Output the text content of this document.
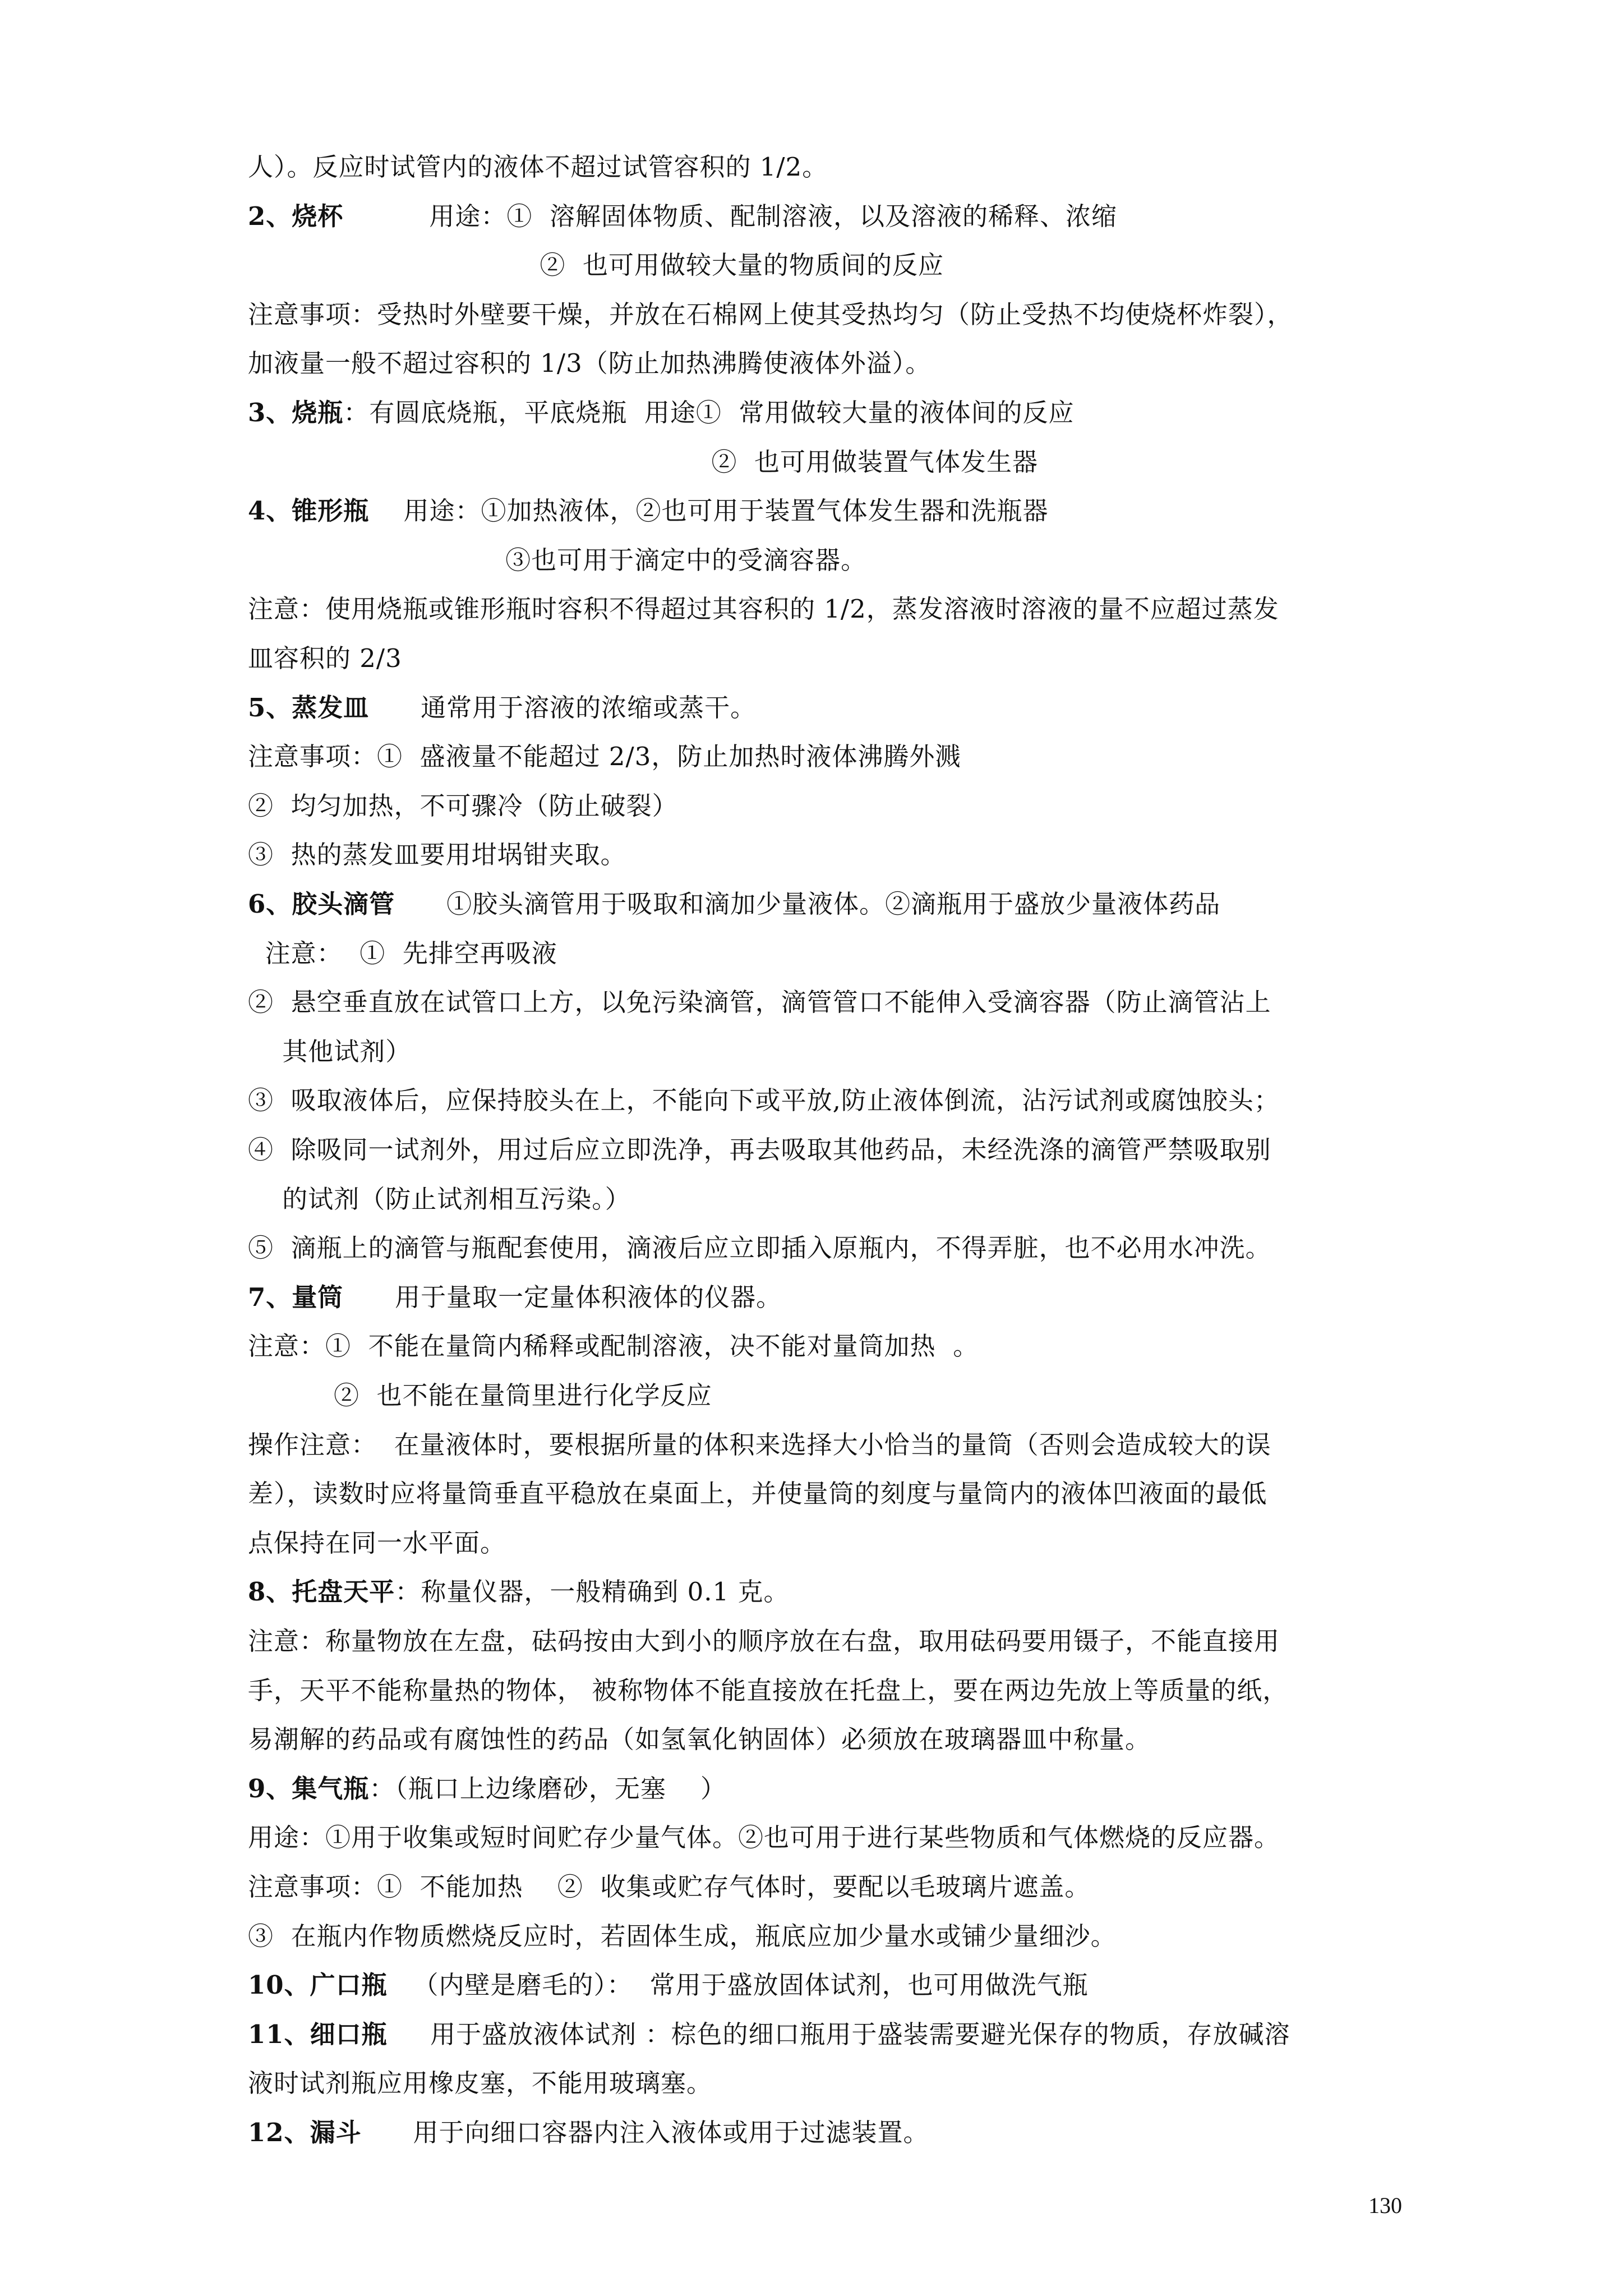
人）。反应时试管内的液体不超过试管容积的 1/2。
2、烧杯          用途：①  溶解固体物质、配制溶液，以及溶液的稀释、浓缩
②  也可用做较大量的物质间的反应
注意事项：受热时外壁要干燥，并放在石棉网上使其受热均匀（防止受热不均使烧杯炸裂），
加液量一般不超过容积的 1/3（防止加热沸腾使液体外溢）。
3、烧瓶：有圆底烧瓶，平底烧瓶  用途①  常用做较大量的液体间的反应
②  也可用做装置气体发生器
4、锥形瓶    用途：①加热液体，②也可用于装置气体发生器和洗瓶器
③也可用于滴定中的受滴容器。
注意：使用烧瓶或锥形瓶时容积不得超过其容积的 1/2，蒸发溶液时溶液的量不应超过蒸发
皿容积的 2/3
5、蒸发皿      通常用于溶液的浓缩或蒸干。
注意事项：①  盛液量不能超过 2/3，防止加热时液体沸腾外溅
②  均匀加热，不可骤冷（防止破裂）
③  热的蒸发皿要用坩埚钳夹取。
6、胶头滴管      ①胶头滴管用于吸取和滴加少量液体。②滴瓶用于盛放少量液体药品
注意：  ①  先排空再吸液
②  悬空垂直放在试管口上方，以免污染滴管，滴管管口不能伸入受滴容器（防止滴管沾上
其他试剂）
③  吸取液体后，应保持胶头在上，不能向下或平放,防止液体倒流，沾污试剂或腐蚀胶头；
④  除吸同一试剂外，用过后应立即洗净，再去吸取其他药品，未经洗涤的滴管严禁吸取别
的试剂（防止试剂相互污染。）
⑤  滴瓶上的滴管与瓶配套使用，滴液后应立即插入原瓶内，不得弄脏，也不必用水冲洗。
7、量筒      用于量取一定量体积液体的仪器。
注意：①  不能在量筒内稀释或配制溶液，决不能对量筒加热  。
②  也不能在量筒里进行化学反应
操作注意：  在量液体时，要根据所量的体积来选择大小恰当的量筒（否则会造成较大的误
差），读数时应将量筒垂直平稳放在桌面上，并使量筒的刻度与量筒内的液体凹液面的最低
点保持在同一水平面。
8、托盘天平：称量仪器，一般精确到 0.1 克。
注意：称量物放在左盘，砝码按由大到小的顺序放在右盘，取用砝码要用镊子，不能直接用
手，天平不能称量热的物体， 被称物体不能直接放在托盘上，要在两边先放上等质量的纸，
易潮解的药品或有腐蚀性的药品（如氢氧化钠固体）必须放在玻璃器皿中称量。
9、集气瓶：（瓶口上边缘磨砂，无塞    ）
用途：①用于收集或短时间贮存少量气体。②也可用于进行某些物质和气体燃烧的反应器。
注意事项：①  不能加热    ②  收集或贮存气体时，要配以毛玻璃片遮盖。
③  在瓶内作物质燃烧反应时，若固体生成，瓶底应加少量水或铺少量细沙。
10、广口瓶   （内壁是磨毛的）：  常用于盛放固体试剂，也可用做洗气瓶
11、细口瓶     用于盛放液体试剂 ：棕色的细口瓶用于盛装需要避光保存的物质，存放碱溶
液时试剂瓶应用橡皮塞，不能用玻璃塞。
12、漏斗      用于向细口容器内注入液体或用于过滤装置。
130
